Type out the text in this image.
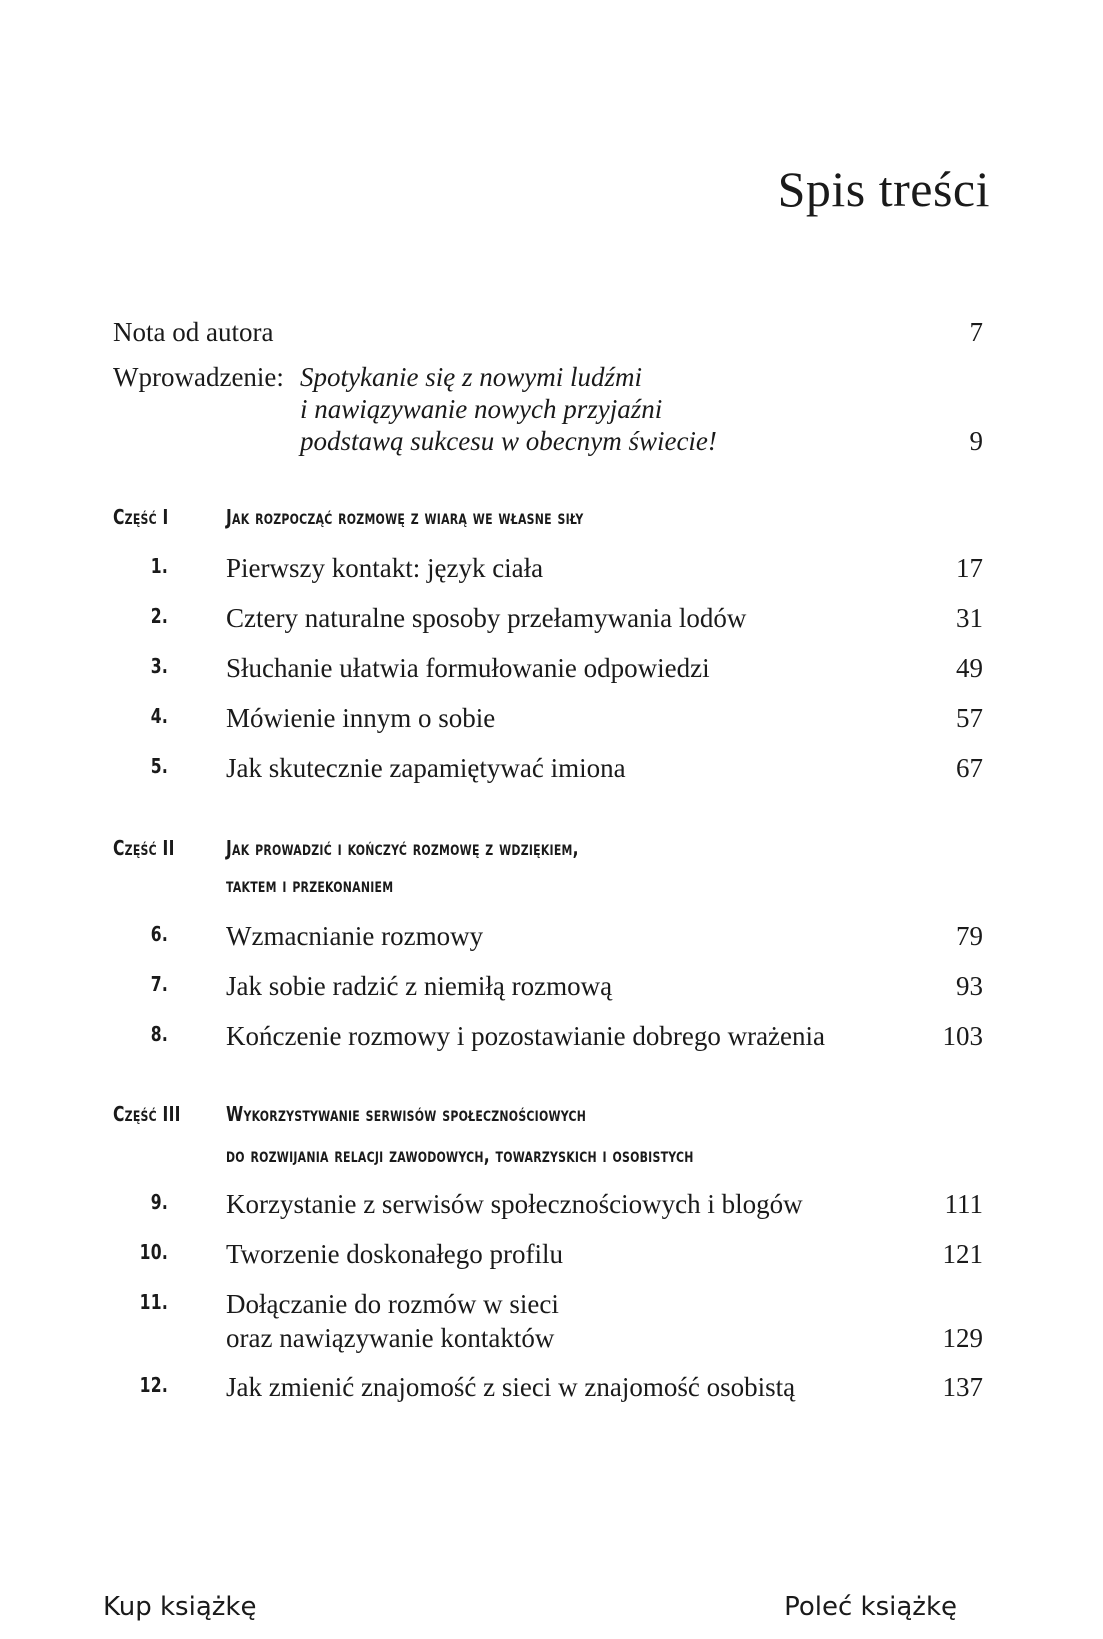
Spis treści
Nota od autora	7
Wprowadzenie: Spotykanie się z nowymi ludźmi
i nawiązywanie nowych przyjaźni
podstawą sukcesu w obecnym świecie!	9
Część I	Jak rozpocząć rozmowę z wiarą we własne siły
1. Pierwszy kontakt: język ciała	17
2. Cztery naturalne sposoby przełamywania lodów	31
3. Słuchanie ułatwia formułowanie odpowiedzi	49
4. Mówienie innym o sobie	57
5. Jak skutecznie zapamiętywać imiona	67
Część II	Jak prowadzić i kończyć rozmowę z wdziękiem,
taktem i przekonaniem
6. Wzmacnianie rozmowy	79
7. Jak sobie radzić z niemiłą rozmową	93
8. Kończenie rozmowy i pozostawianie dobrego wrażenia	103
Część III Wykorzystywanie serwisów społecznościowych
do rozwijania relacji zawodowych, towarzyskich i osobistych
9. Korzystanie z serwisów społecznościowych i blogów	111
10. Tworzenie doskonałego profilu	121
11. Dołączanie do rozmów w sieci
oraz nawiązywanie kontaktów	129
12. Jak zmienić znajomość z sieci w znajomość osobistą	137
Kup książkę	Poleć książkę
